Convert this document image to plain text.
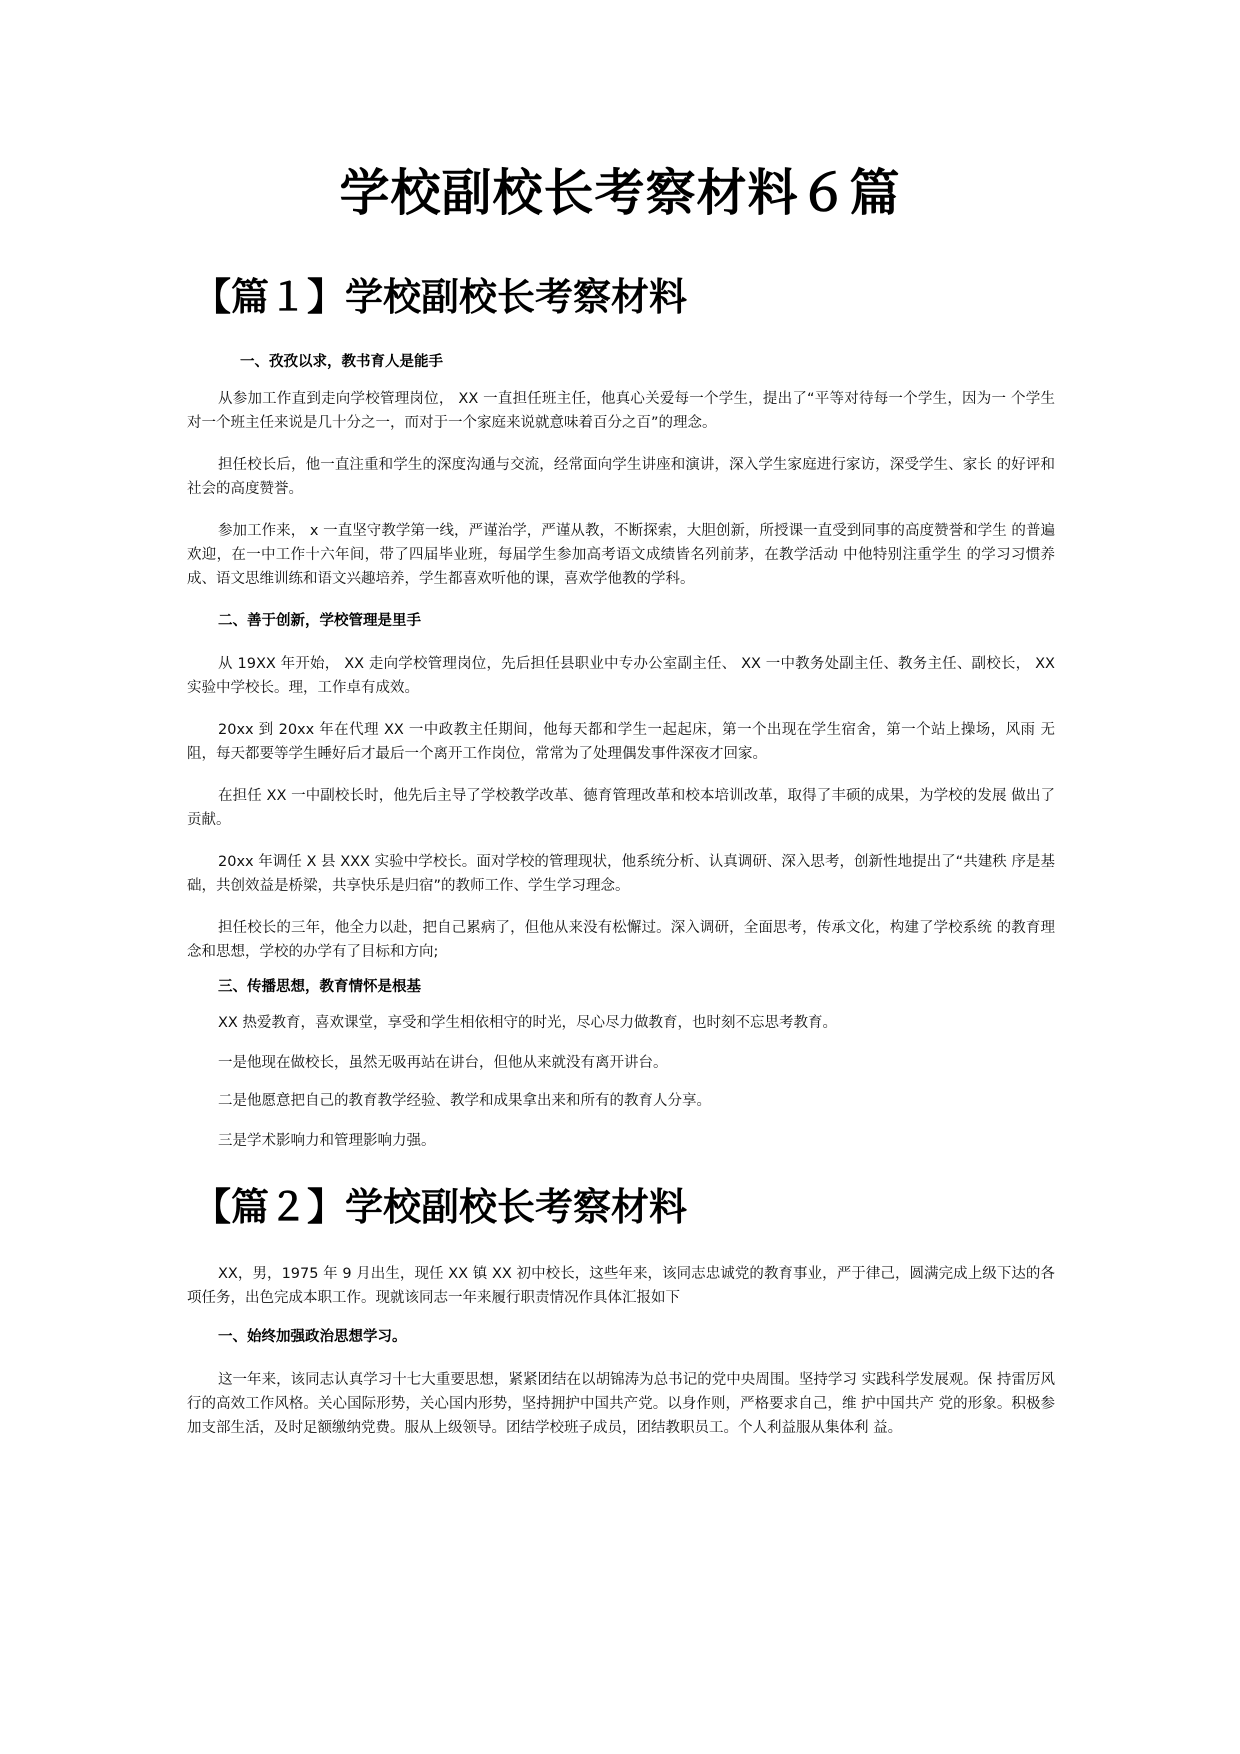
学校副校长考察材料６篇
【篇１】学校副校长考察材料

一、孜孜以求，教书育人是能手

从参加工作直到走向学校管理岗位， XX 一直担任班主任，他真心关爱每一个学生，提出了“平等对待每一个学生，因为一 个学生对一个班主任来说是几十分之一，而对于一个家庭来说就意味着百分之百”的理念。

担任校长后，他一直注重和学生的深度沟通与交流，经常面向学生讲座和演讲，深入学生家庭进行家访，深受学生、家长 的好评和社会的高度赞誉。

参加工作来， x 一直坚守教学第一线，严谨治学，严谨从教，不断探索，大胆创新，所授课一直受到同事的高度赞誉和学生 的普遍欢迎，在一中工作十六年间，带了四届毕业班，每届学生参加高考语文成绩皆名列前茅，在教学活动 中他特别注重学生 的学习习惯养成、语文思维训练和语文兴趣培养，学生都喜欢听他的课，喜欢学他教的学科。

二、善于创新，学校管理是里手

从 19XX 年开始， XX 走向学校管理岗位，先后担任县职业中专办公室副主任、 XX 一中教务处副主任、教务主任、副校长， XX 实验中学校长。理，工作卓有成效。

20xx 到 20xx 年在代理 XX 一中政教主任期间，他每天都和学生一起起床，第一个出现在学生宿舍，第一个站上操场，风雨 无阻，每天都要等学生睡好后才最后一个离开工作岗位，常常为了处理偶发事件深夜才回家。

在担任 XX 一中副校长时，他先后主导了学校教学改革、德育管理改革和校本培训改革，取得了丰硕的成果，为学校的发展 做出了贡献。

20xx 年调任 X 县 XXX 实验中学校长。面对学校的管理现状，他系统分析、认真调研、深入思考，创新性地提出了“共建秩 序是基础，共创效益是桥梁，共享快乐是归宿”的教师工作、学生学习理念。

担任校长的三年，他全力以赴，把自己累病了，但他从来没有松懈过。深入调研，全面思考，传承文化，构建了学校系统 的教育理念和思想，学校的办学有了目标和方向;

三、传播思想，教育情怀是根基

XX 热爱教育，喜欢课堂，享受和学生相依相守的时光，尽心尽力做教育，也时刻不忘思考教育。

一是他现在做校长，虽然无吸再站在讲台，但他从来就没有离开讲台。

二是他愿意把自己的教育教学经验、教学和成果拿出来和所有的教育人分享。

三是学术影响力和管理影响力强。

【篇２】学校副校长考察材料

XX，男，1975 年 9 月出生，现任 XX 镇 XX 初中校长，这些年来，该同志忠诚党的教育事业，严于律己，圆满完成上级下达的各 项任务，出色完成本职工作。现就该同志一年来履行职责情况作具体汇报如下

一、始终加强政治思想学习。

这一年来，该同志认真学习十七大重要思想，紧紧团结在以胡锦涛为总书记的党中央周围。坚持学习 实践科学发展观。保 持雷厉风行的高效工作风格。关心国际形势，关心国内形势，坚持拥护中国共产党。以身作则，严格要求自己，维 护中国共产 党的形象。积极参加支部生活，及时足额缴纳党费。服从上级领导。团结学校班子成员，团结教职员工。个人利益服从集体利 益。
